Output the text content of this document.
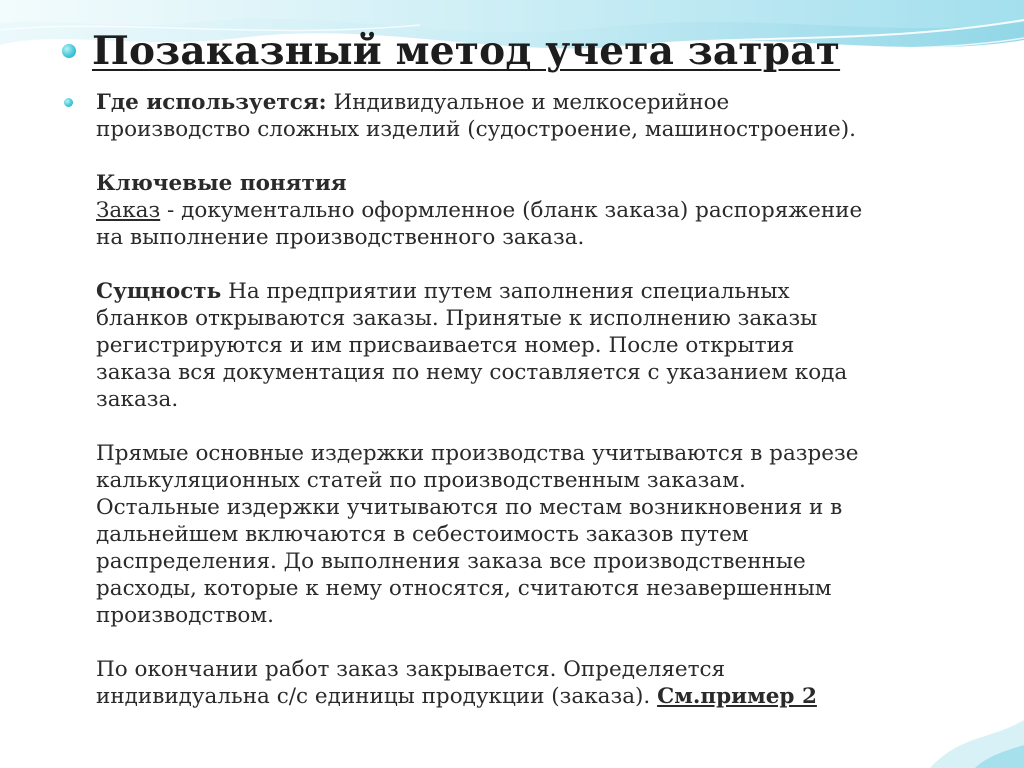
Позаказный метод учета затрат

Где используется: Индивидуальное и мелкосерийное
производство сложных изделий (судостроение, машиностроение).

Ключевые понятия
Заказ - документально оформленное (бланк заказа) распоряжение
на выполнение производственного заказа.

Сущность На предприятии путем заполнения специальных
бланков открываются заказы. Принятые к исполнению заказы
регистрируются и им присваивается номер. После открытия
заказа вся документация по нему составляется с указанием кода
заказа.

Прямые основные издержки производства учитываются в разрезе
калькуляционных статей по производственным заказам.
Остальные издержки учитываются по местам возникновения и в
дальнейшем включаются в себестоимость заказов путем
распределения. До выполнения заказа все производственные
расходы, которые к нему относятся, считаются незавершенным
производством.

По окончании работ заказ закрывается. Определяется
индивидуальна с/с единицы продукции (заказа). См.пример 2
